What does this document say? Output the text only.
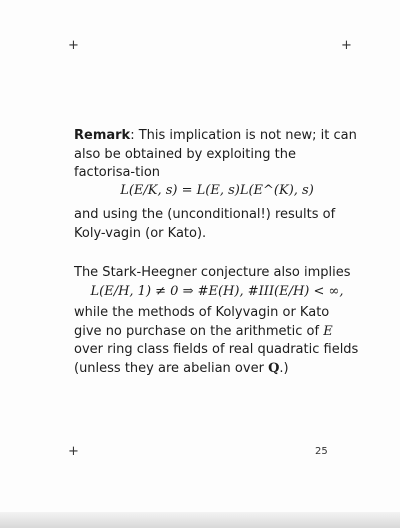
+	+
Remark: This implication is not new; it can also be obtained by exploiting the factorisa-tion
L(E/K, s) = L(E, s)L(E^(K), s)
and using the (unconditional!) results of Koly-vagin (or Kato).
The Stark-Heegner conjecture also implies
L(E/H, 1) ≠ 0 ⇒ #E(H), #III(E/H) < ∞,
while the methods of Kolyvagin or Kato give no purchase on the arithmetic of E over ring class fields of real quadratic fields (unless they are abelian over Q.)
+	25
